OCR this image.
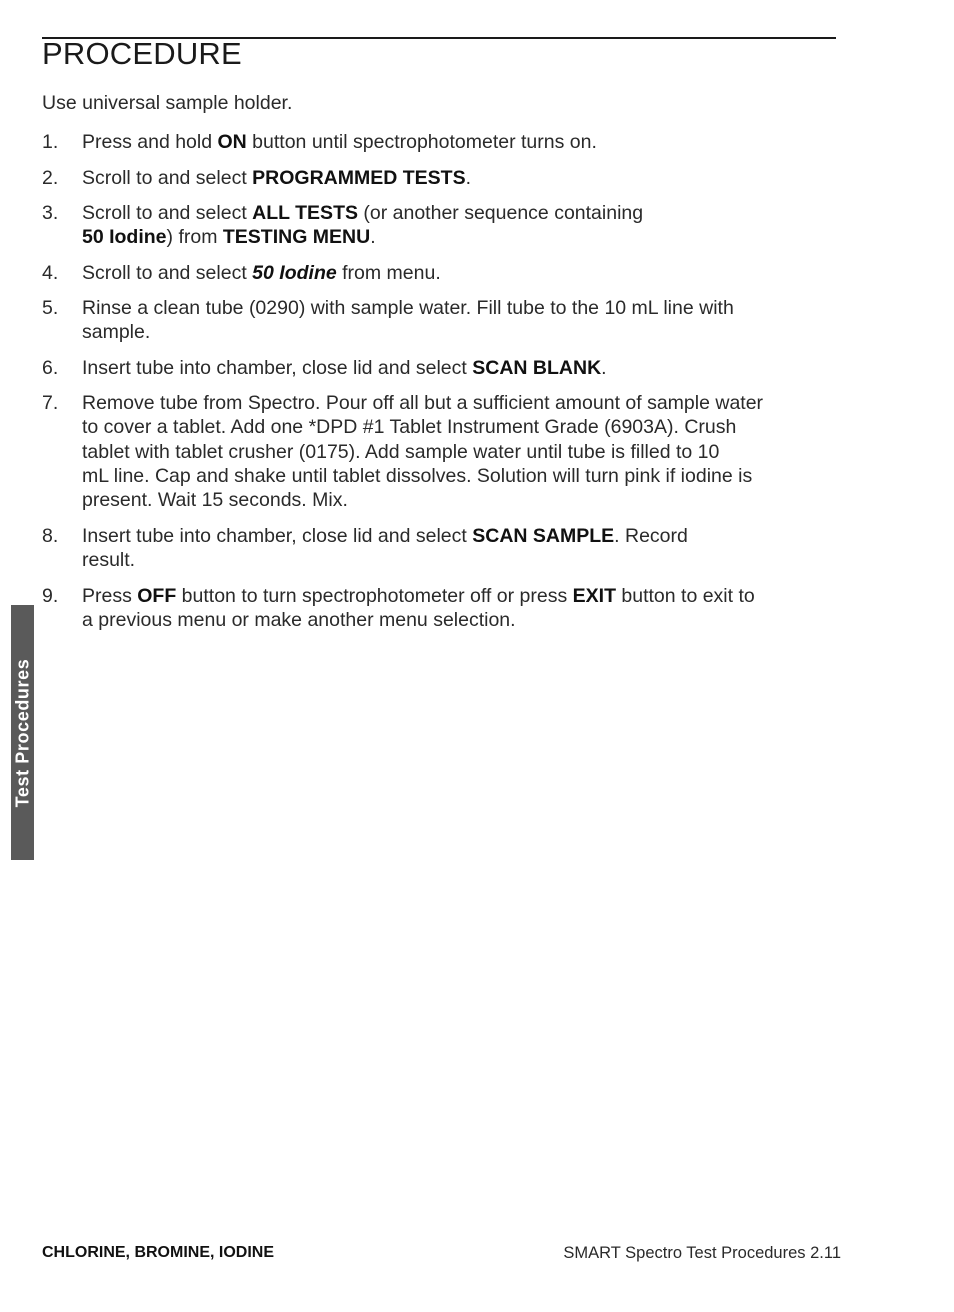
PROCEDURE
Use universal sample holder.
1. Press and hold ON button until spectrophotometer turns on.
2. Scroll to and select PROGRAMMED TESTS.
3. Scroll to and select ALL TESTS (or another sequence containing
50 Iodine) from TESTING MENU.
4. Scroll to and select 50 Iodine from menu.
5. Rinse a clean tube (0290) with sample water. Fill tube to the 10 mL line with
sample.
6. Insert tube into chamber, close lid and select SCAN BLANK.
7. Remove tube from Spectro. Pour off all but a sufficient amount of sample water
to cover a tablet. Add one *DPD #1 Tablet Instrument Grade (6903A). Crush
tablet with tablet crusher (0175). Add sample water until tube is filled to 10
mL line. Cap and shake until tablet dissolves. Solution will turn pink if iodine is
present. Wait 15 seconds. Mix.
8. Insert tube into chamber, close lid and select SCAN SAMPLE. Record
result.
9. Press OFF button to turn spectrophotometer off or press EXIT button to exit to
a previous menu or make another menu selection.
Test Procedures
CHLORINE, BROMINE, IODINE	SMART Spectro Test Procedures 2.11
